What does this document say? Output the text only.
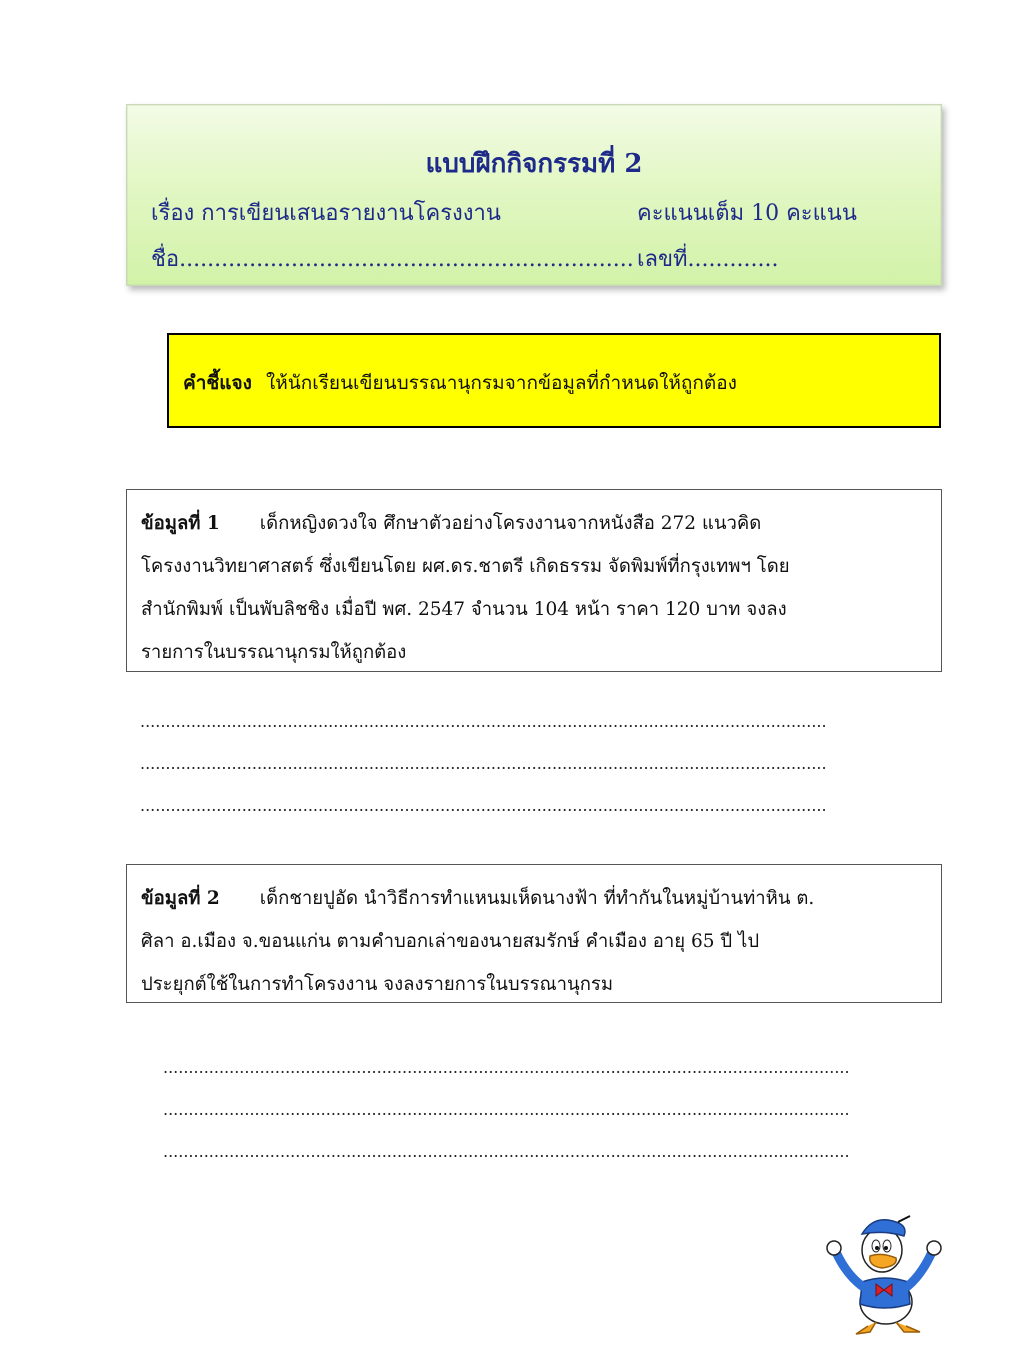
แบบฝึกกิจกรรมที่ 2
เรื่อง การเขียนเสนอรายงานโครงงาน	คะแนนเต็ม 10 คะแนน
ชื่อ................................................................. เลขที่.............
คำชี้แจง ให้นักเรียนเขียนบรรณานุกรมจากข้อมูลที่กำหนดให้ถูกต้อง
ข้อมูลที่ 1 เด็กหญิงดวงใจ ศึกษาตัวอย่างโครงงานจากหนังสือ 272 แนวคิด
โครงงานวิทยาศาสตร์ ซึ่งเขียนโดย ผศ.ดร.ชาตรี เกิดธรรม จัดพิมพ์ที่กรุงเทพฯ โดย
สำนักพิมพ์ เป็นพับลิชชิง เมื่อปี พศ. 2547 จำนวน 104 หน้า ราคา 120 บาท จงลง
รายการในบรรณานุกรมให้ถูกต้อง
.......................................................................................................................................
.......................................................................................................................................
.......................................................................................................................................
ข้อมูลที่ 2 เด็กชายปูอัด นำวิธีการทำแหนมเห็ดนางฟ้า ที่ทำกันในหมู่บ้านท่าหิน ต.
ศิลา อ.เมือง จ.ขอนแก่น ตามคำบอกเล่าของนายสมรักษ์ คำเมือง อายุ 65 ปี ไป
ประยุกต์ใช้ในการทำโครงงาน จงลงรายการในบรรณานุกรม
.......................................................................................................................................
.......................................................................................................................................
.......................................................................................................................................
